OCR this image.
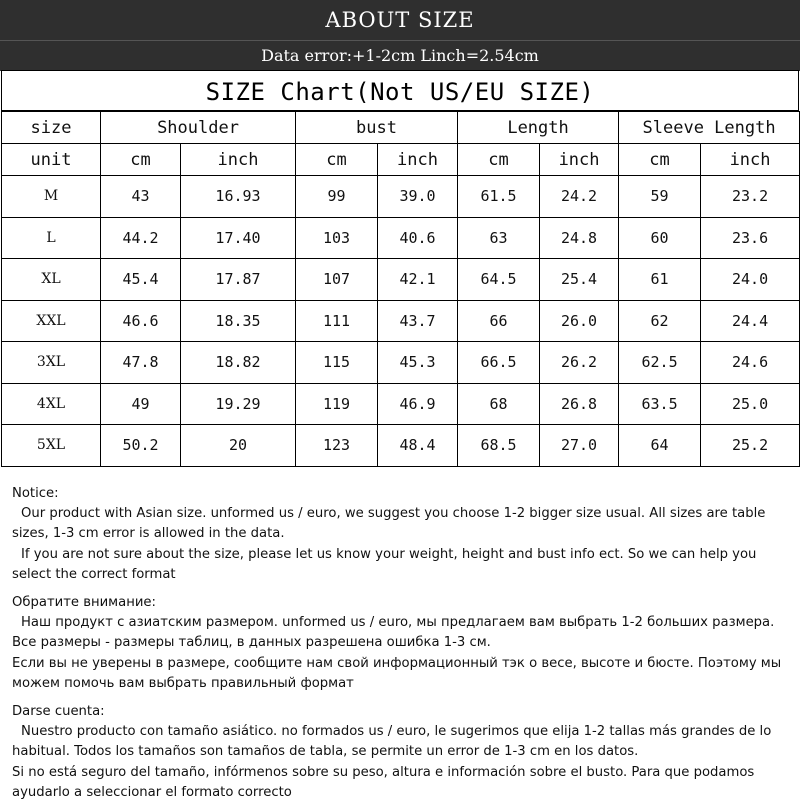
ABOUT SIZE
Data error:+1-2cm Linch=2.54cm
SIZE Chart(Not US/EU SIZE)
size	Shoulder		bust		Length		Sleeve Length	
unit	cm	inch	cm	inch	cm	inch	cm	inch
M	43	16.93	99	39.0	61.5	24.2	59	23.2
L	44.2	17.40	103	40.6	63	24.8	60	23.6
XL	45.4	17.87	107	42.1	64.5	25.4	61	24.0
XXL	46.6	18.35	111	43.7	66	26.0	62	24.4
3XL	47.8	18.82	115	45.3	66.5	26.2	62.5	24.6
4XL	49	19.29	119	46.9	68	26.8	63.5	25.0
5XL	50.2	20	123	48.4	68.5	27.0	64	25.2

Notice:

Our product with Asian size. unformed us / euro, we suggest you choose 1-2 bigger size usual. All sizes are table sizes, 1-3 cm error is allowed in the data.

If you are not sure about the size, please let us know your weight, height and bust info ect. So we can help you select the correct format

Обратите внимание:

Наш продукт с азиатским размером. unformed us / euro, мы предлагаем вам выбрать 1-2 больших размера.

Все размеры - размеры таблиц, в данных разрешена ошибка 1-3 см.

Если вы не уверены в размере, сообщите нам свой информационный тэк о весе, высоте и бюсте. Поэтому мы можем помочь вам выбрать правильный формат

Darse cuenta:

Nuestro producto con tamaño asiático. no formados us / euro, le sugerimos que elija 1-2 tallas más grandes de lo habitual. Todos los tamaños son tamaños de tabla, se permite un error de 1-3 cm en los datos.

Si no está seguro del tamaño, infórmenos sobre su peso, altura e información sobre el busto. Para que podamos ayudarlo a seleccionar el formato correcto
